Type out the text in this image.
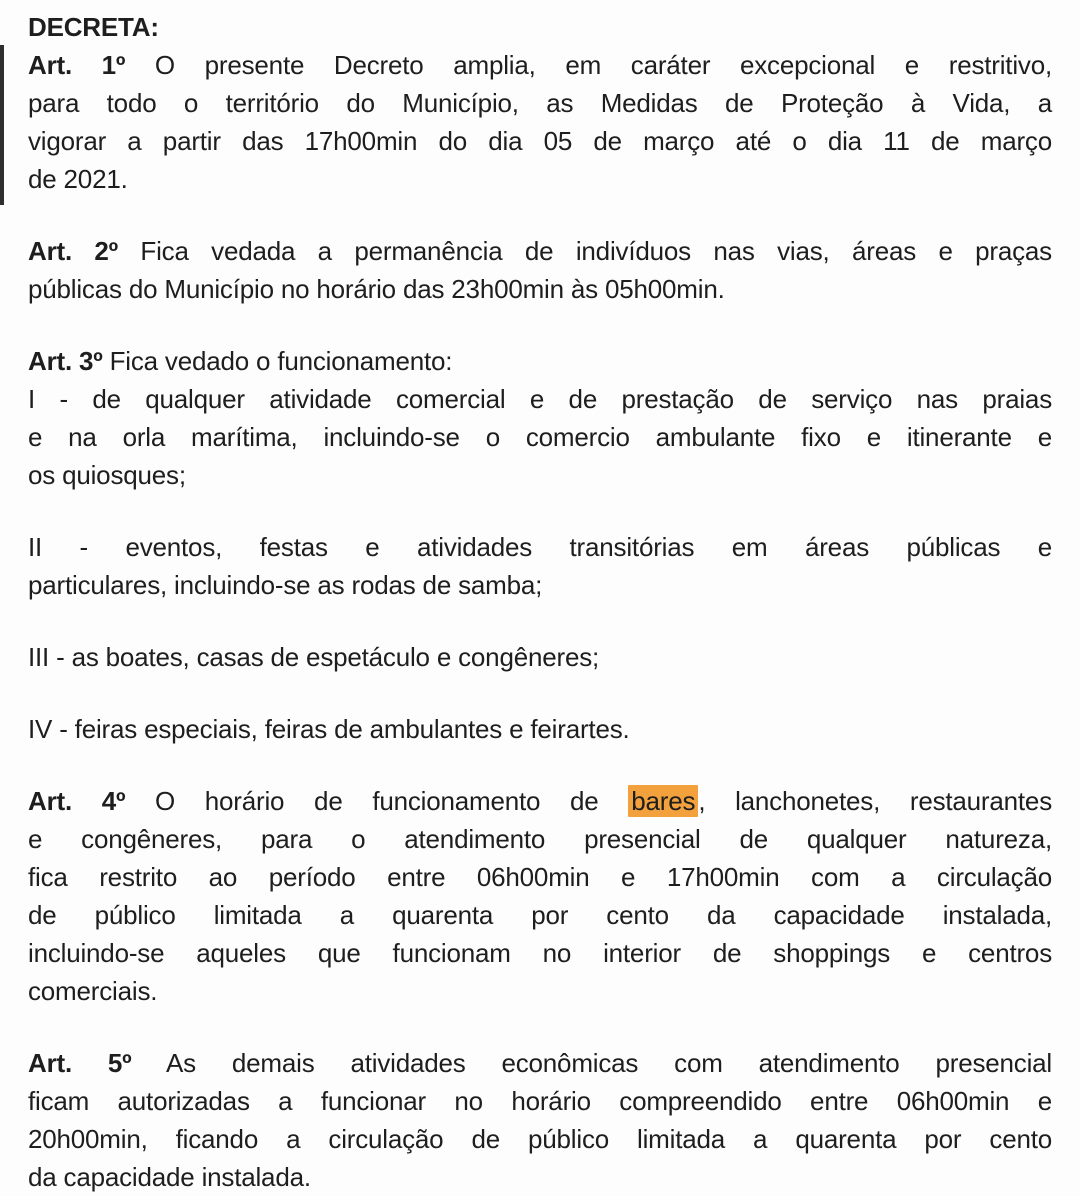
DECRETA:
Art. 1º O presente Decreto amplia, em caráter excepcional e restritivo,
para todo o território do Município, as Medidas de Proteção à Vida, a
vigorar a partir das 17h00min do dia 05 de março até o dia 11 de março
de 2021.
Art. 2º Fica vedada a permanência de indivíduos nas vias, áreas e praças
públicas do Município no horário das 23h00min às 05h00min.
Art. 3º Fica vedado o funcionamento:
I - de qualquer atividade comercial e de prestação de serviço nas praias
e na orla marítima, incluindo-se o comercio ambulante fixo e itinerante e
os quiosques;
II - eventos, festas e atividades transitórias em áreas públicas e
particulares, incluindo-se as rodas de samba;
III - as boates, casas de espetáculo e congêneres;
IV - feiras especiais, feiras de ambulantes e feirartes.
Art. 4º O horário de funcionamento de bares , lanchonetes, restaurantes
e congêneres, para o atendimento presencial de qualquer natureza,
fica restrito ao período entre 06h00min e 17h00min com a circulação
de público limitada a quarenta por cento da capacidade instalada,
incluindo-se aqueles que funcionam no interior de shoppings e centros
comerciais.
Art. 5º As demais atividades econômicas com atendimento presencial
ficam autorizadas a funcionar no horário compreendido entre 06h00min e
20h00min, ficando a circulação de público limitada a quarenta por cento
da capacidade instalada.
